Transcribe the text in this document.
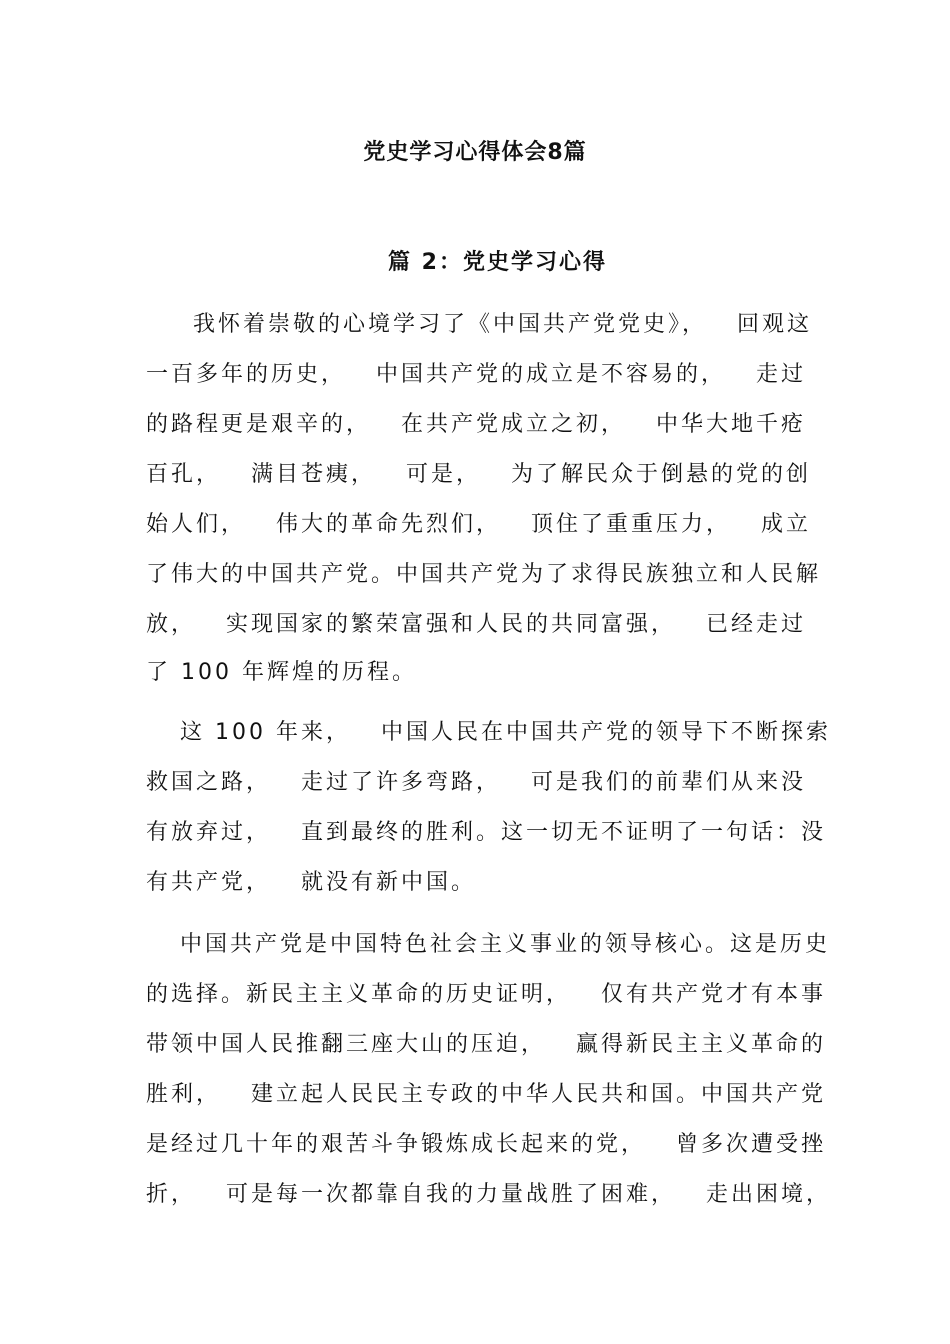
党史学习心得体会8篇
篇 2：党史学习心得

我怀着崇敬的心境学习了《中国共产党党史》，   回观这

一百多年的历史，   中国共产党的成立是不容易的，   走过

的路程更是艰辛的，   在共产党成立之初，   中华大地千疮

百孔，   满目苍痍，   可是，   为了解民众于倒悬的党的创

始人们，   伟大的革命先烈们，   顶住了重重压力，   成立

了伟大的中国共产党。中国共产党为了求得民族独立和人民解

放，   实现国家的繁荣富强和人民的共同富强，   已经走过

了 100 年辉煌的历程。

这 100 年来，   中国人民在中国共产党的领导下不断探索

救国之路，   走过了许多弯路，   可是我们的前辈们从来没

有放弃过，   直到最终的胜利。这一切无不证明了一句话：没

有共产党，   就没有新中国。

中国共产党是中国特色社会主义事业的领导核心。这是历史

的选择。新民主主义革命的历史证明，   仅有共产党才有本事

带领中国人民推翻三座大山的压迫，   赢得新民主主义革命的

胜利，   建立起人民民主专政的中华人民共和国。中国共产党

是经过几十年的艰苦斗争锻炼成长起来的党，   曾多次遭受挫

折，   可是每一次都靠自我的力量战胜了困难，   走出困境，
